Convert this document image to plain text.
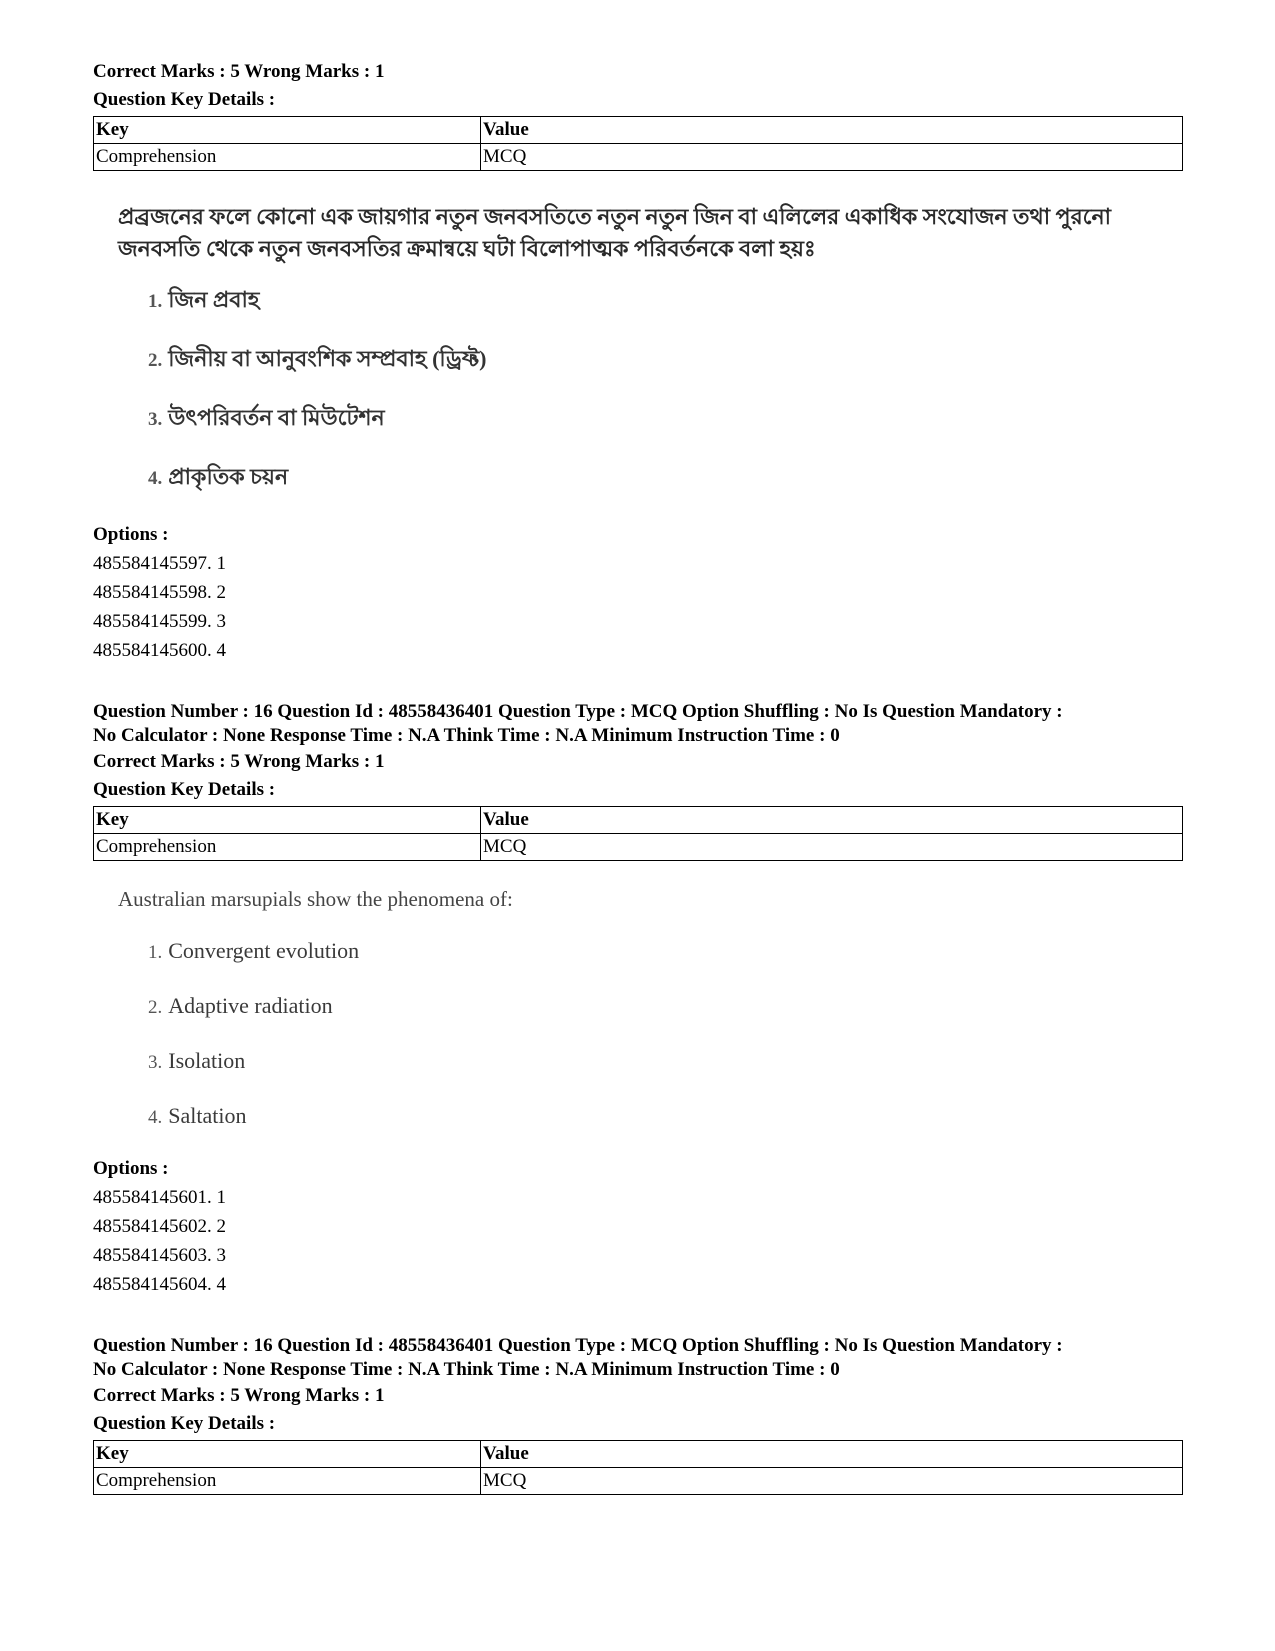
Correct Marks : 5 Wrong Marks : 1

Question Key Details :

Key	Value
Comprehension	MCQ

প্রব্রজনের ফলে কোনো এক জায়গার নতুন জনবসতিতে নতুন নতুন জিন বা এলিলের একাধিক সংযোজন তথা পুরনো জনবসতি থেকে নতুন জনবসতির ক্রমান্বয়ে ঘটা বিলোপাত্মক পরিবর্তনকে বলা হয়ঃ

1. জিন প্রবাহ
2. জিনীয় বা আনুবংশিক সম্প্রবাহ (ড্রিফ্ট)
3. উৎপরিবর্তন বা মিউটেশন
4. প্রাকৃতিক চয়ন

Options :

485584145597. 1

485584145598. 2

485584145599. 3

485584145600. 4

Question Number : 16 Question Id : 48558436401 Question Type : MCQ Option Shuffling : No Is Question Mandatory :

No Calculator : None Response Time : N.A Think Time : N.A Minimum Instruction Time : 0

Correct Marks : 5 Wrong Marks : 1

Question Key Details :

Key	Value
Comprehension	MCQ

Australian marsupials show the phenomena of:

1. Convergent evolution
2. Adaptive radiation
3. Isolation
4. Saltation

Options :

485584145601. 1

485584145602. 2

485584145603. 3

485584145604. 4

Question Number : 16 Question Id : 48558436401 Question Type : MCQ Option Shuffling : No Is Question Mandatory :

No Calculator : None Response Time : N.A Think Time : N.A Minimum Instruction Time : 0

Correct Marks : 5 Wrong Marks : 1

Question Key Details :

Key	Value
Comprehension	MCQ
